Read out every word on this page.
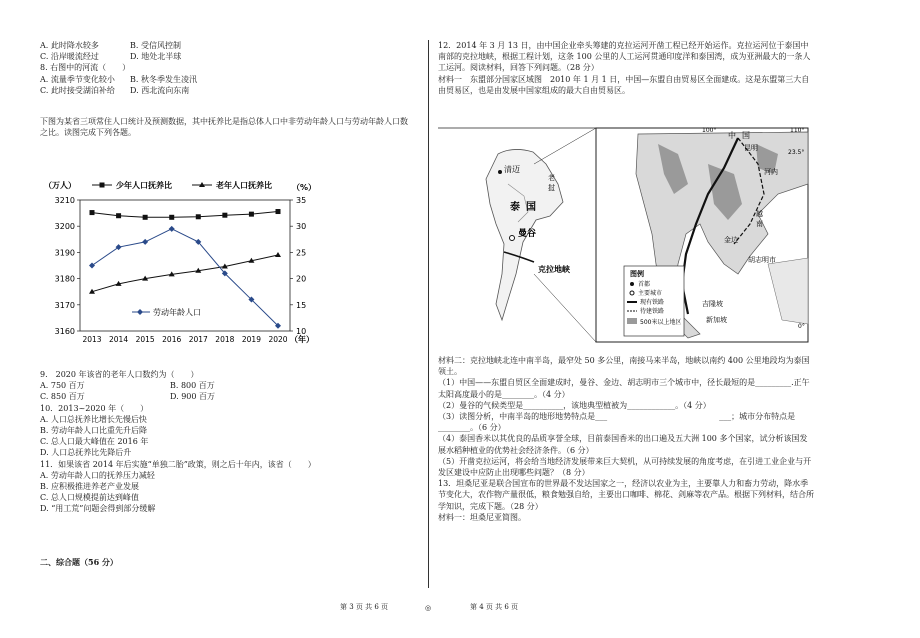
A. 此时降水较多	B. 受信风控制
C. 沿岸暖流经过	D. 地处北半球
8. 右图中的河流（　　）
A. 流量季节变化较小	B. 秋冬季发生凌汛
C. 此时接受湖泊补给	D. 西北流向东南
下图为某省三项常住人口统计及预测数据，其中抚养比是指总体人口中非劳动年龄人口与劳动年龄人口数之比。读图完成下列各题。
（万人）	（%）
少年人口抚养比	老年人口抚养比
3210
3200
3190
3180
3170
3160
35
30
25
20
15
10
2013 2014 2015 2016 2017 2018 2019 2020
劳动年龄人口
（年）
9.　2020 年该省的老年人口数约为（　　）
A. 750 百万	B. 800 百万
C. 850 百万	D. 900 百万
10．2013~2020 年（　　）
A. 人口总抚养比增长先慢后快
B. 劳动年龄人口比重先升后降
C. 总人口最大峰值在 2016 年
D. 人口总抚养比先降后升
11．如果该省 2014 年后实施“单独二胎”政策，则之后十年内，该省（　　）
A. 劳动年龄人口的抚养压力减轻
B. 应积极推进养老产业发展
C. 总人口规模提前达到峰值
D. “用工荒”问题会得到部分缓解
二、综合题（56 分）
12．2014 年 3 月 13 日，由中国企业牵头筹建的克拉运河开凿工程已经开始运作。克拉运河位于泰国中南部的克拉地峡，根据工程计划，这条 100 公里的人工运河贯通印度洋和泰国湾，成为亚洲最大的一条人工运河。阅读材料，回答下列问题。（28 分）
材料一　东盟部分国家区域图　2010 年 1 月 1 日，中国—东盟自由贸易区全面建成。这是东盟第三大自由贸易区，也是由发展中国家组成的最大自由贸易区。
清迈
泰 国
曼谷
老
挝
克拉地峡
中 国
昆明
越
南
河内
金边
胡志明市
吉隆坡
新加坡
100°	110°
23.5°
0°
图例
首都
主要城市
现有铁路
待建铁路
500米以上地区
材料二：克拉地峡北连中南半岛，最窄处 50 多公里，南接马来半岛，地峡以南约 400 公里地段均为泰国领土。
（1）中国——东盟自贸区全面建成时，曼谷、金边、胡志明市三个城市中，径长最短的是_________.正午太阳高度最小的是________。（4 分）
（2）曼谷的气候类型是__________，该地典型植被为____________。（4 分）
（3）读图分析，中南半岛的地形地势特点是___　　　　　　　　　　　　　　___；城市分布特点是________。（6 分）
（4）泰国香米以其优良的品质享誉全球，目前泰国香米的出口遍及五大洲 100 多个国家，试分析该国发展水稻种植业的优势社会经济条件。（6 分）
（5）开凿克拉运河，将会给当地经济发展带来巨大契机，从可持续发展的角度考虑，在引进工业企业与开发区建设中应防止出现哪些问题？（8 分）
13．坦桑尼亚是联合国宣布的世界最不发达国家之一，经济以农业为主，主要靠人力和畜力劳动，降水季节变化大，农作物产量很低，粮食勉强自给，主要出口咖啡、棉花、剑麻等农产品。根据下列材料，结合所学知识，完成下题。（28 分）
材料一：坦桑尼亚简图。
第 3 页 共 6 页	◎	第 4 页 共 6 页
